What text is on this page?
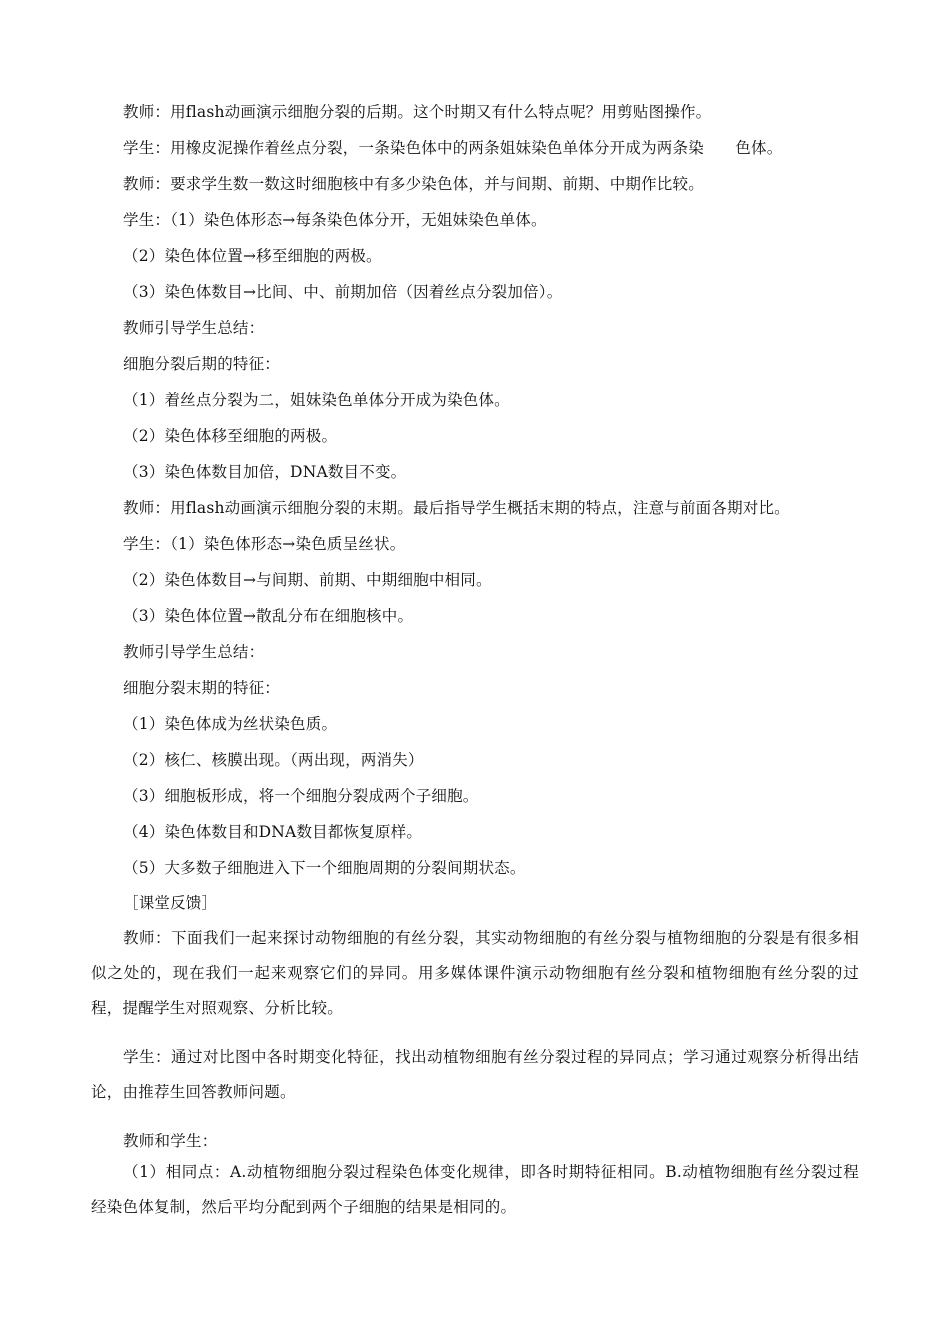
教师：用flash动画演示细胞分裂的后期。这个时期又有什么特点呢？用剪贴图操作。
学生：用橡皮泥操作着丝点分裂，一条染色体中的两条姐妹染色单体分开成为两条染　　色体。
教师：要求学生数一数这时细胞核中有多少染色体，并与间期、前期、中期作比较。
学生：（1）染色体形态→每条染色体分开，无姐妹染色单体。
（2）染色体位置→移至细胞的两极。
（3）染色体数目→比间、中、前期加倍（因着丝点分裂加倍）。
教师引导学生总结：
细胞分裂后期的特征：
（1）着丝点分裂为二，姐妹染色单体分开成为染色体。
（2）染色体移至细胞的两极。
（3）染色体数目加倍，DNA数目不变。
教师：用flash动画演示细胞分裂的末期。最后指导学生概括末期的特点，注意与前面各期对比。
学生：（1）染色体形态→染色质呈丝状。
（2）染色体数目→与间期、前期、中期细胞中相同。
（3）染色体位置→散乱分布在细胞核中。
教师引导学生总结：
细胞分裂末期的特征：
（1）染色体成为丝状染色质。
（2）核仁、核膜出现。（两出现，两消失）
（3）细胞板形成，将一个细胞分裂成两个子细胞。
（4）染色体数目和DNA数目都恢复原样。
（5）大多数子细胞进入下一个细胞周期的分裂间期状态。
［课堂反馈］
教师：下面我们一起来探讨动物细胞的有丝分裂，其实动物细胞的有丝分裂与植物细胞的分裂是有很多相似之处的，现在我们一起来观察它们的异同。用多媒体课件演示动物细胞有丝分裂和植物细胞有丝分裂的过程，提醒学生对照观察、分析比较。
学生：通过对比图中各时期变化特征，找出动植物细胞有丝分裂过程的异同点；学习通过观察分析得出结论，由推荐生回答教师问题。
教师和学生：
（1）相同点：A.动植物细胞分裂过程染色体变化规律，即各时期特征相同。B.动植物细胞有丝分裂过程经染色体复制，然后平均分配到两个子细胞的结果是相同的。
